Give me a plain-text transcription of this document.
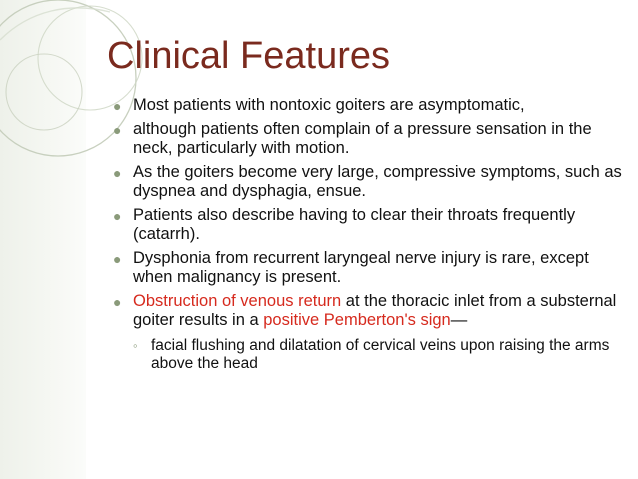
Clinical Features
● Most patients with nontoxic goiters are asymptomatic,
● although patients often complain of a pressure sensation in the neck, particularly with motion.
● As the goiters become very large, compressive symptoms, such as dyspnea and dysphagia, ensue.
● Patients also describe having to clear their throats frequently (catarrh).
● Dysphonia from recurrent laryngeal nerve injury is rare, except when malignancy is present.
● Obstruction of venous return at the thoracic inlet from a substernal goiter results in a positive Pemberton's sign—
◦ facial flushing and dilatation of cervical veins upon raising the arms above the head
